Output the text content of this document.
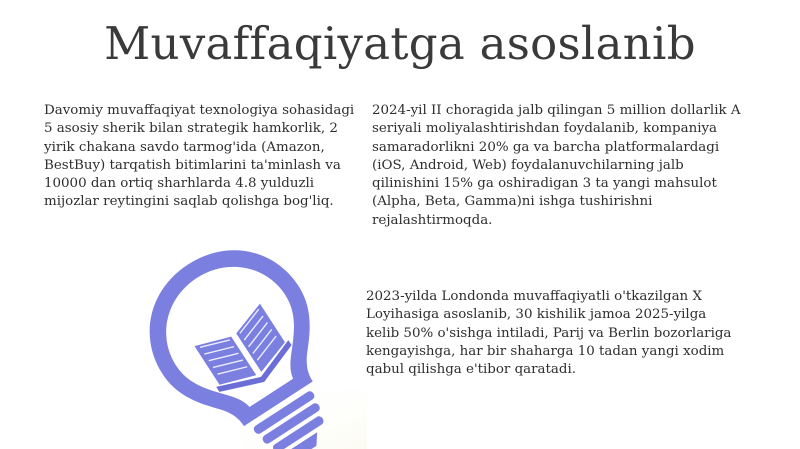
Muvaffaqiyatga asoslanib

Davomiy muvaffaqiyat texnologiya sohasidagi 5 asosiy sherik bilan strategik hamkorlik, 2 yirik chakana savdo tarmog'ida (Amazon, BestBuy) tarqatish bitimlarini ta'minlash va 10000 dan ortiq sharhlarda 4.8 yulduzli mijozlar reytingini saqlab qolishga bog'liq.

2024-yil II choragida jalb qilingan 5 million dollarlik A seriyali moliyalashtirishdan foydalanib, kompaniya samaradorlikni 20% ga va barcha platformalardagi (iOS, Android, Web) foydalanuvchilarning jalb qilinishini 15% ga oshiradigan 3 ta yangi mahsulot (Alpha, Beta, Gamma)ni ishga tushirishni rejalashtirmoqda.

2023-yilda Londonda muvaffaqiyatli o'tkazilgan X Loyihasiga asoslanib, 30 kishilik jamoa 2025-yilga kelib 50% o'sishga intiladi, Parij va Berlin bozorlariga kengayishga, har bir shaharga 10 tadan yangi xodim qabul qilishga e'tibor qaratadi.
